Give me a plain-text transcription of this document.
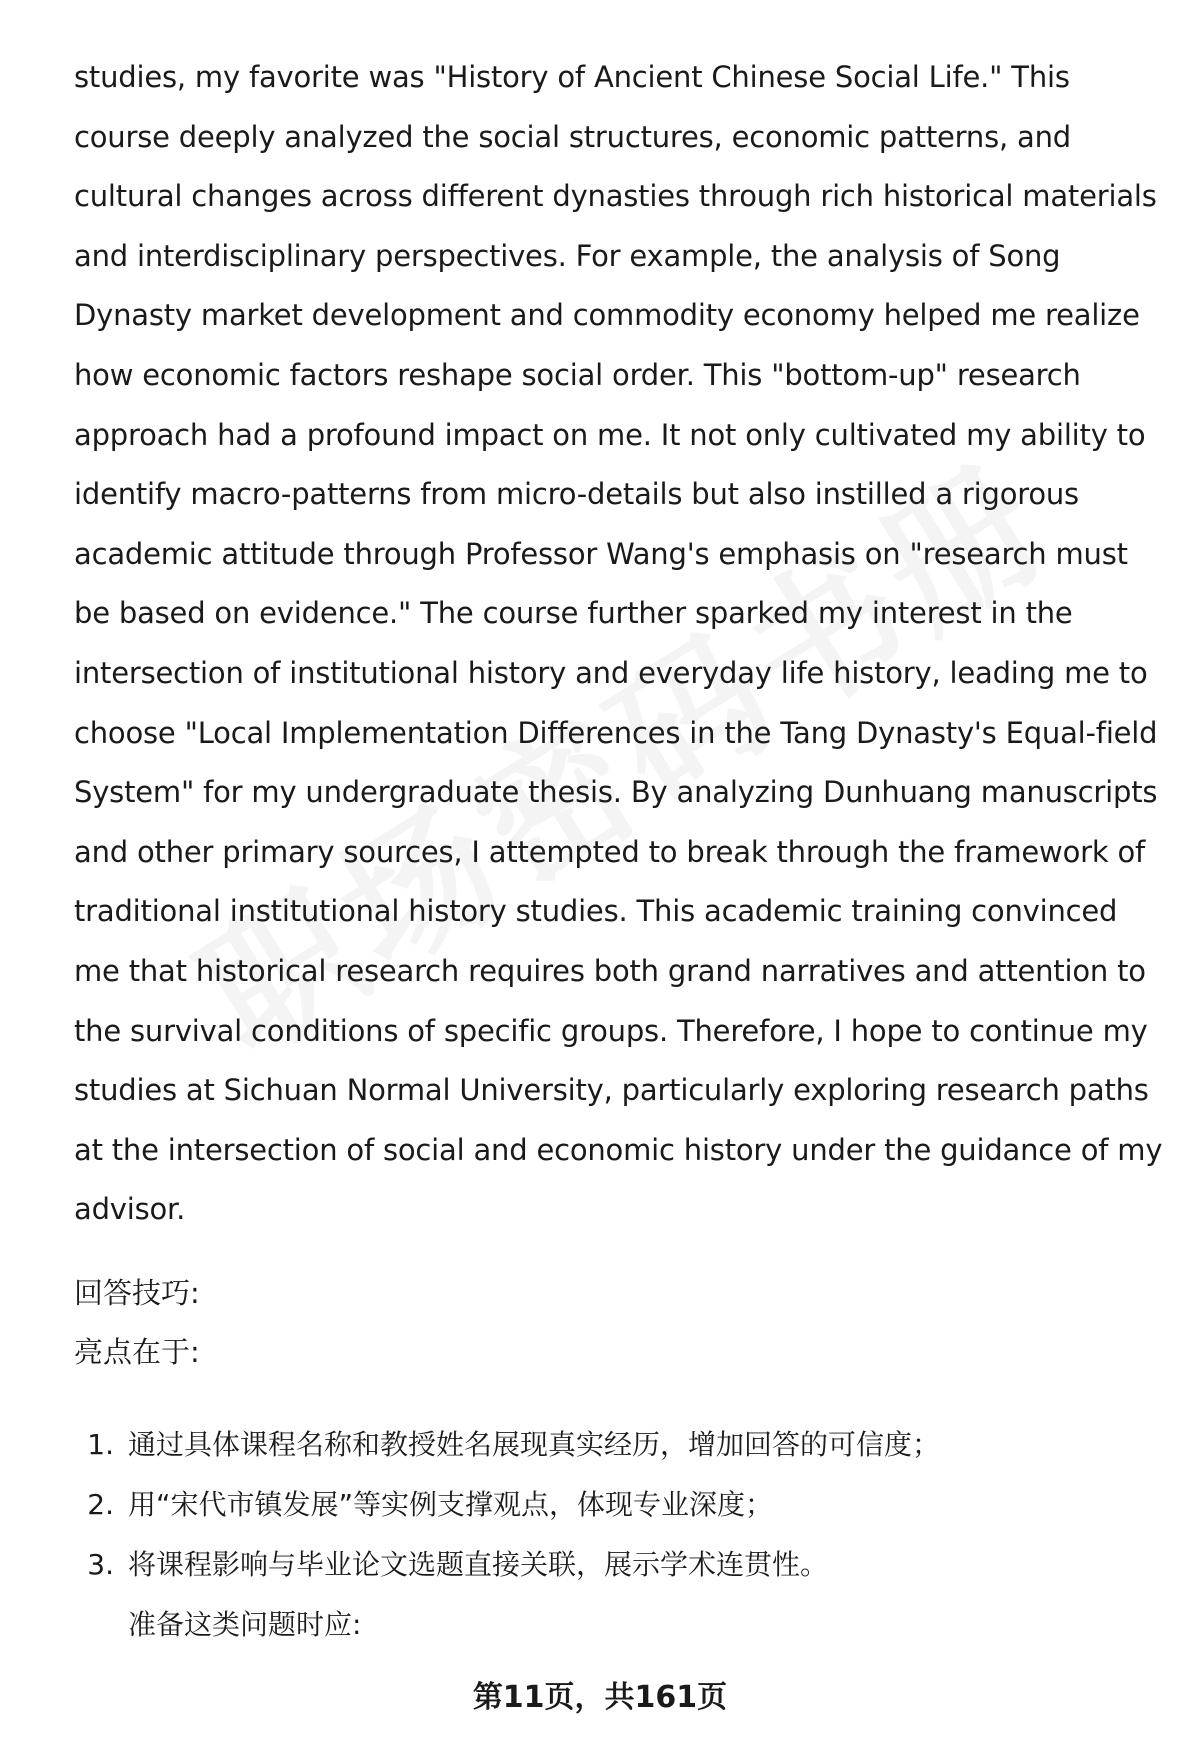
studies, my favorite was "History of Ancient Chinese Social Life." This course deeply analyzed the social structures, economic patterns, and cultural changes across different dynasties through rich historical materials and interdisciplinary perspectives. For example, the analysis of Song Dynasty market development and commodity economy helped me realize how economic factors reshape social order. This "bottom-up" research approach had a profound impact on me. It not only cultivated my ability to identify macro-patterns from micro-details but also instilled a rigorous academic attitude through Professor Wang's emphasis on "research must be based on evidence." The course further sparked my interest in the intersection of institutional history and everyday life history, leading me to choose "Local Implementation Differences in the Tang Dynasty's Equal-field System" for my undergraduate thesis. By analyzing Dunhuang manuscripts and other primary sources, I attempted to break through the framework of traditional institutional history studies. This academic training convinced me that historical research requires both grand narratives and attention to the survival conditions of specific groups. Therefore, I hope to continue my studies at Sichuan Normal University, particularly exploring research paths at the intersection of social and economic history under the guidance of my advisor.

回答技巧:

亮点在于:

1. 通过具体课程名称和教授姓名展现真实经历，增加回答的可信度；
2. 用“宋代市镇发展”等实例支撑观点，体现专业深度；
3. 将课程影响与毕业论文选题直接关联，展示学术连贯性。

准备这类问题时应:

第11页，共161页
